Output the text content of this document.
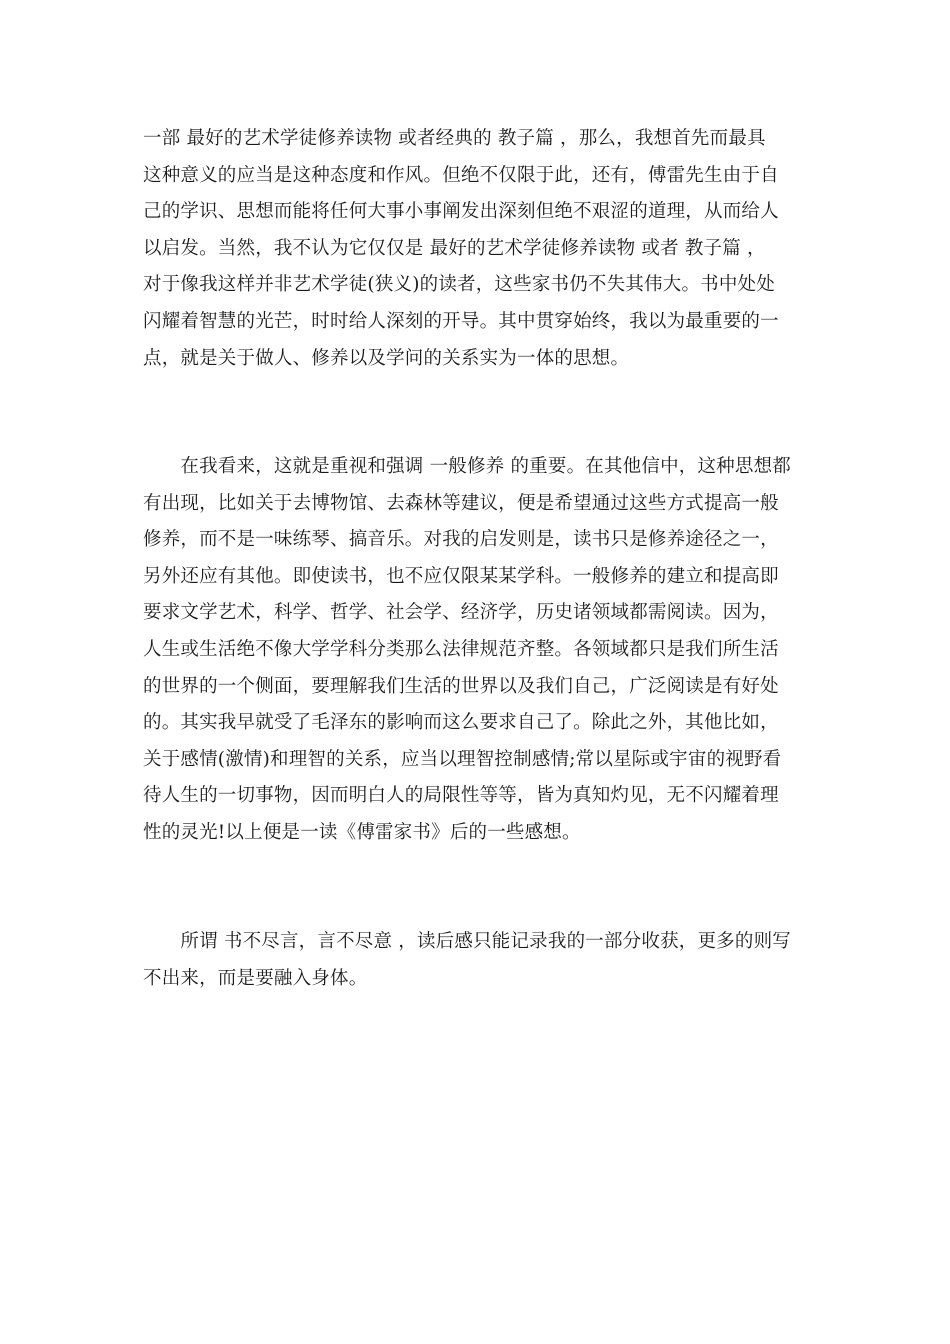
一部 最好的艺术学徒修养读物 或者经典的 教子篇 ，那么，我想首先而最具
这种意义的应当是这种态度和作风。但绝不仅限于此，还有，傅雷先生由于自
己的学识、思想而能将任何大事小事阐发出深刻但绝不艰涩的道理，从而给人
以启发。当然，我不认为它仅仅是 最好的艺术学徒修养读物 或者 教子篇 ，
对于像我这样并非艺术学徒(狭义)的读者，这些家书仍不失其伟大。书中处处
闪耀着智慧的光芒，时时给人深刻的开导。其中贯穿始终，我以为最重要的一
点，就是关于做人、修养以及学问的关系实为一体的思想。
　　在我看来，这就是重视和强调 一般修养 的重要。在其他信中，这种思想都
有出现，比如关于去博物馆、去森林等建议，便是希望通过这些方式提高一般
修养，而不是一味练琴、搞音乐。对我的启发则是，读书只是修养途径之一，
另外还应有其他。即使读书，也不应仅限某某学科。一般修养的建立和提高即
要求文学艺术，科学、哲学、社会学、经济学，历史诸领域都需阅读。因为，
人生或生活绝不像大学学科分类那么法律规范齐整。各领域都只是我们所生活
的世界的一个侧面，要理解我们生活的世界以及我们自己，广泛阅读是有好处
的。其实我早就受了毛泽东的影响而这么要求自己了。除此之外，其他比如，
关于感情(激情)和理智的关系，应当以理智控制感情;常以星际或宇宙的视野看
待人生的一切事物，因而明白人的局限性等等，皆为真知灼见，无不闪耀着理
性的灵光!以上便是一读《傅雷家书》后的一些感想。
　　所谓 书不尽言，言不尽意 ，读后感只能记录我的一部分收获，更多的则写
不出来，而是要融入身体。
